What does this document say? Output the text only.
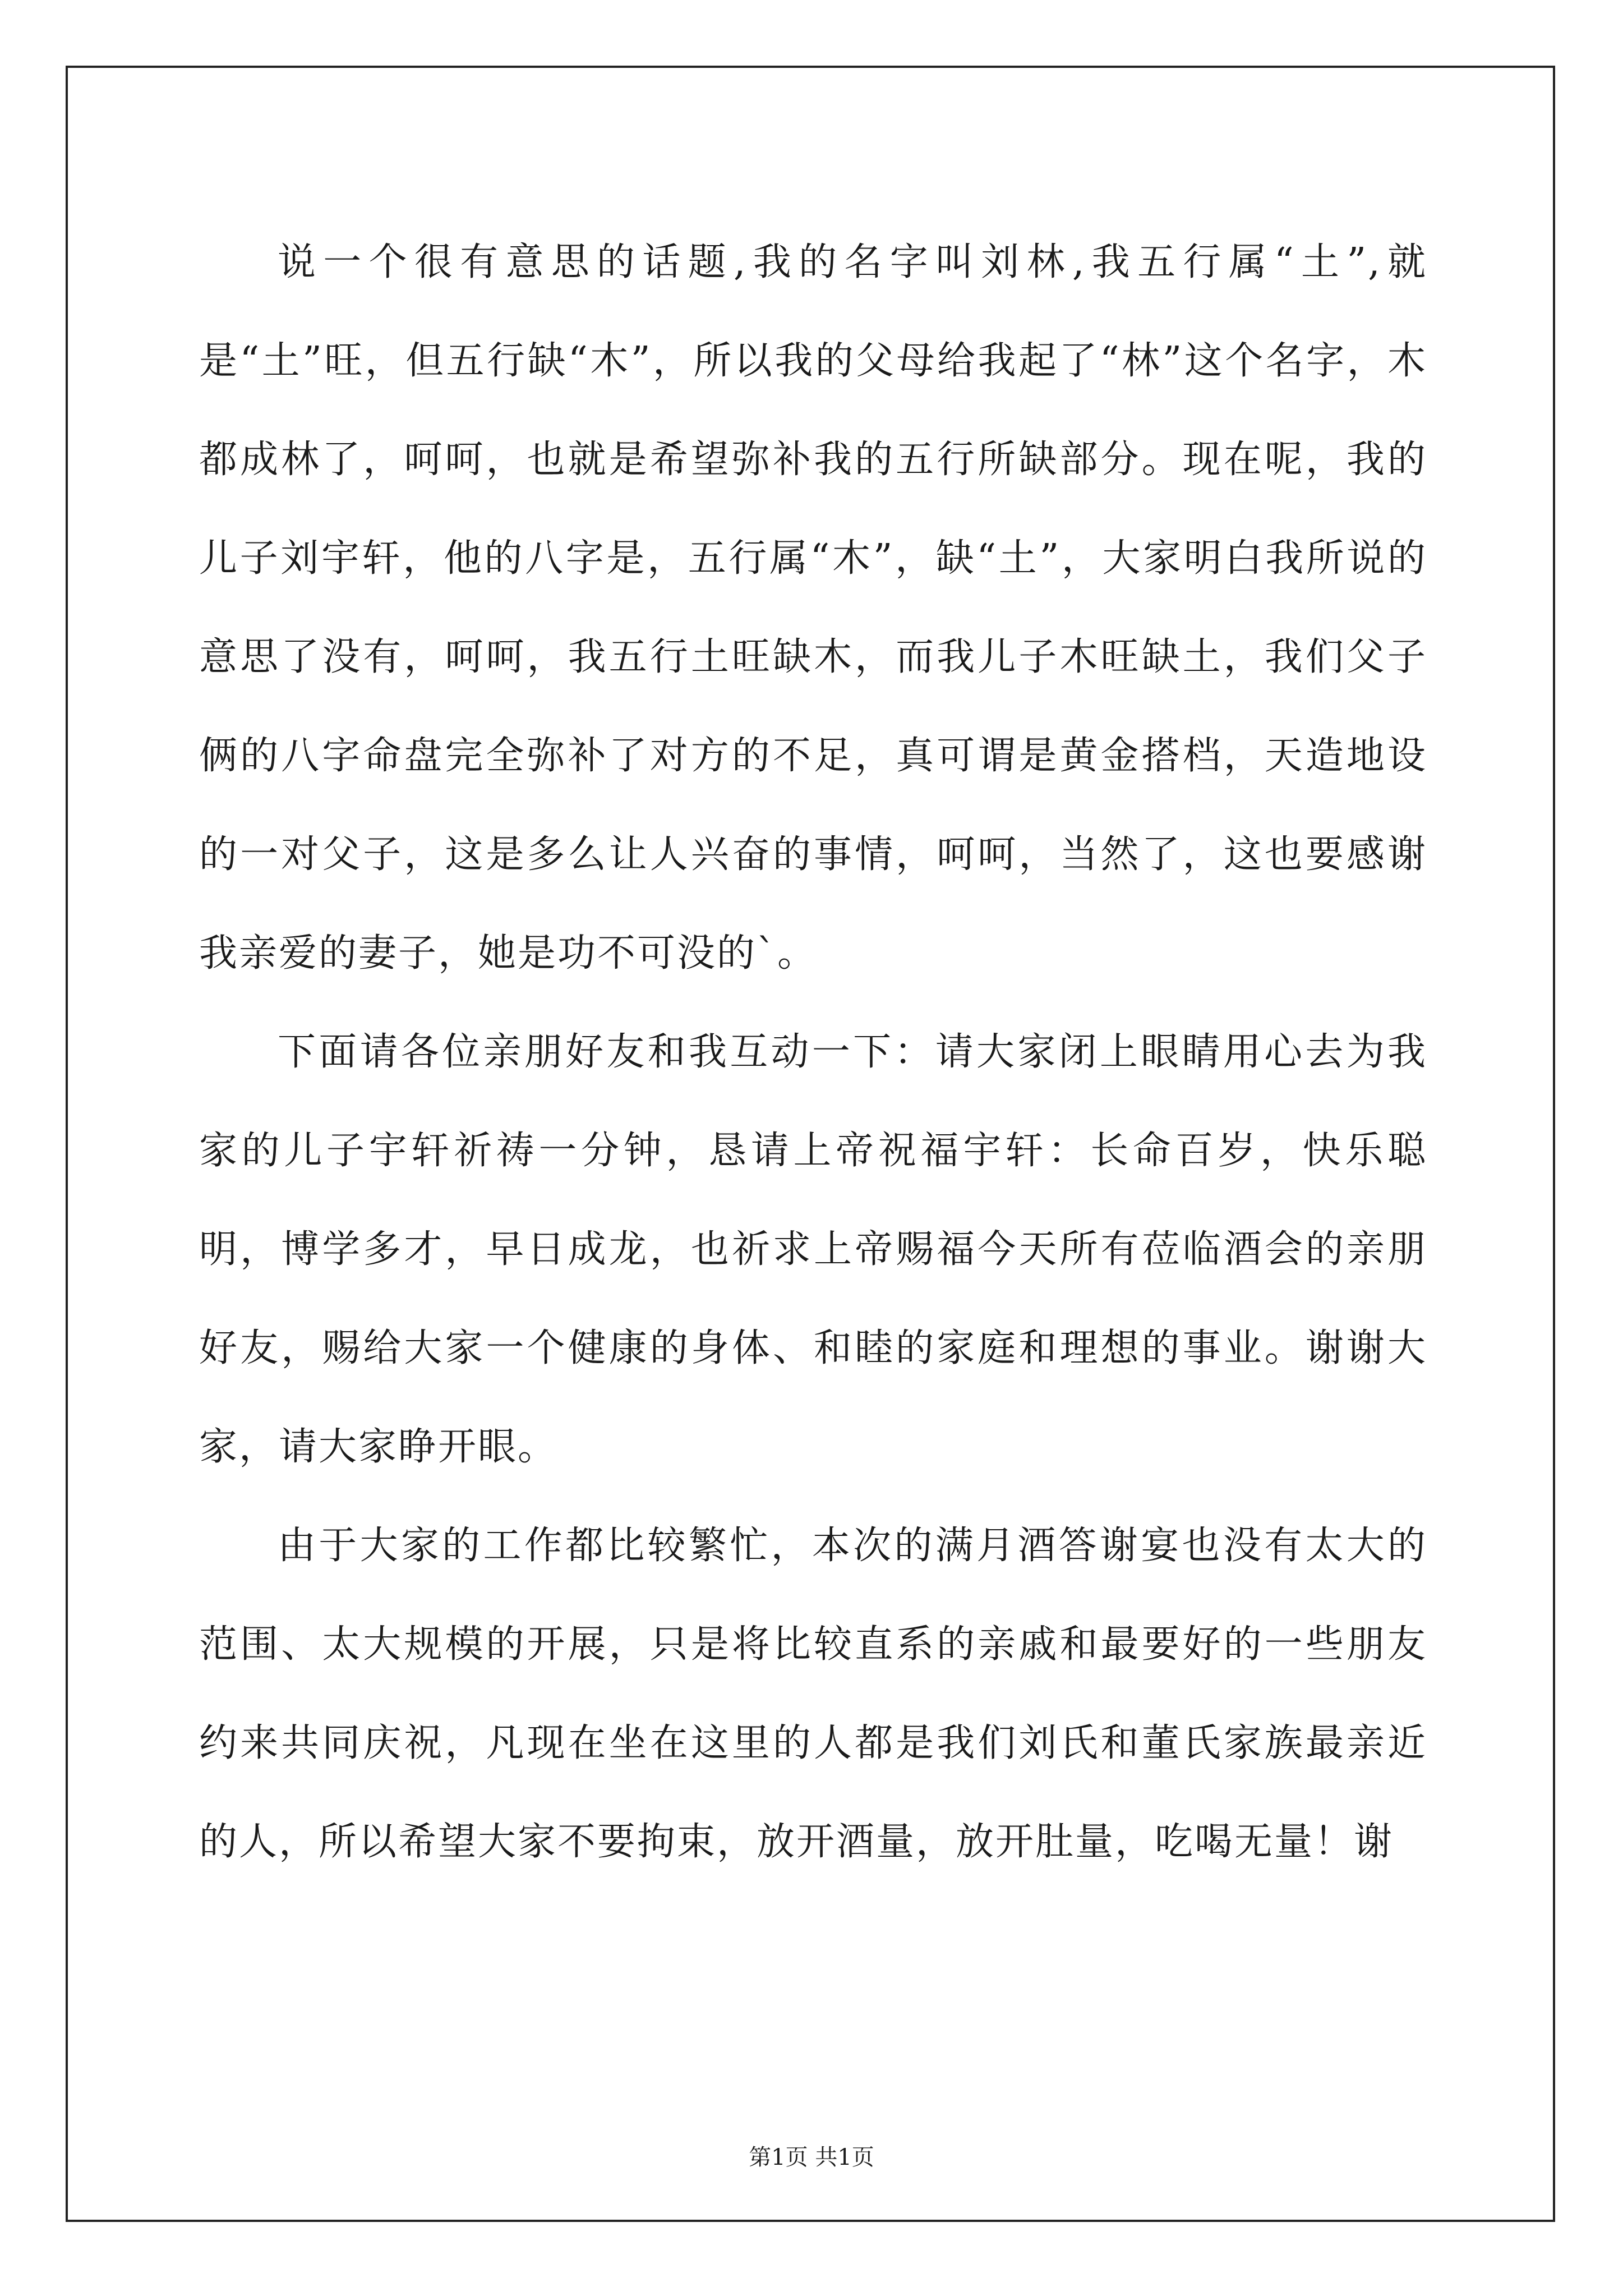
说一个很有意思的话题,我的名字叫刘林,我五行属“土”,就是“土”旺，但五行缺“木”，所以我的父母给我起了“林”这个名字，木都成林了，呵呵，也就是希望弥补我的五行所缺部分。现在呢，我的儿子刘宇轩，他的八字是，五行属“木”，缺“土”，大家明白我所说的意思了没有，呵呵，我五行土旺缺木，而我儿子木旺缺土，我们父子俩的八字命盘完全弥补了对方的不足，真可谓是黄金搭档，天造地设的一对父子，这是多么让人兴奋的事情，呵呵，当然了，这也要感谢我亲爱的妻子，她是功不可没的`。

下面请各位亲朋好友和我互动一下：请大家闭上眼睛用心去为我家的儿子宇轩祈祷一分钟，恳请上帝祝福宇轩：长命百岁，快乐聪明，博学多才，早日成龙，也祈求上帝赐福今天所有莅临酒会的亲朋好友，赐给大家一个健康的身体、和睦的家庭和理想的事业。谢谢大家，请大家睁开眼。

由于大家的工作都比较繁忙，本次的满月酒答谢宴也没有太大的范围、太大规模的开展，只是将比较直系的亲戚和最要好的一些朋友约来共同庆祝，凡现在坐在这里的人都是我们刘氏和董氏家族最亲近的人，所以希望大家不要拘束，放开酒量，放开肚量，吃喝无量！谢

第1页 共1页
